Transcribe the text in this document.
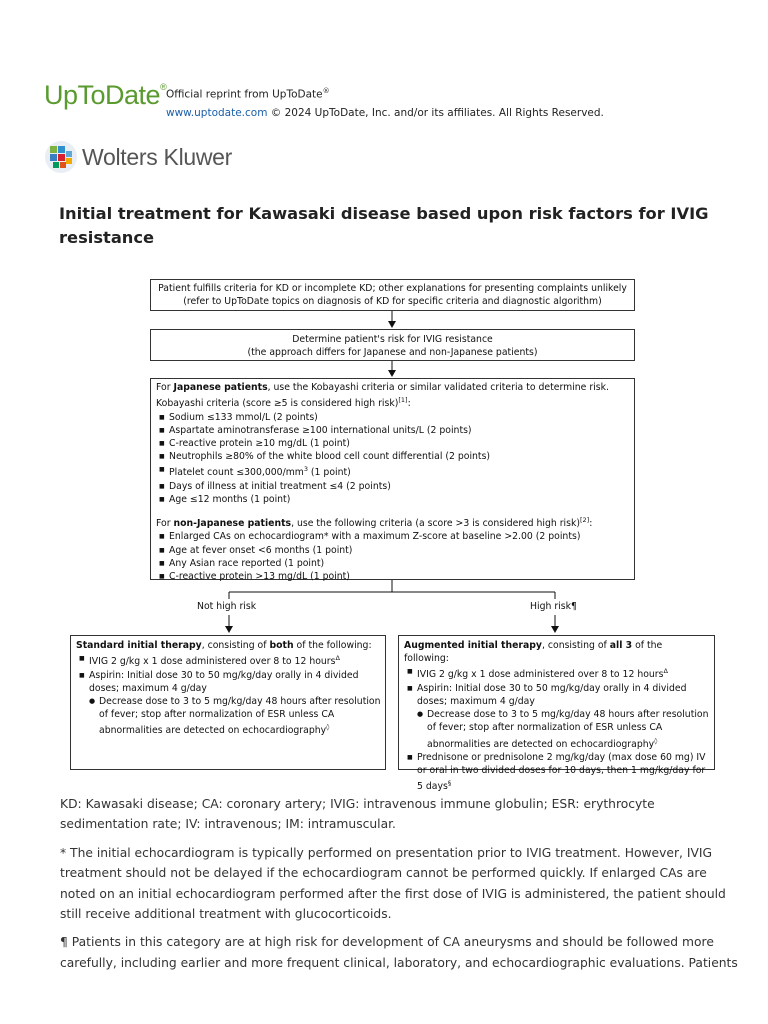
UpToDate®
Official reprint from UpToDate®
www.uptodate.com © 2024 UpToDate, Inc. and/or its affiliates. All Rights Reserved.
Wolters Kluwer
Initial treatment for Kawasaki disease based upon risk factors for IVIG resistance
Patient fulfills criteria for KD or incomplete KD; other explanations for presenting complaints unlikely
(refer to UpToDate topics on diagnosis of KD for specific criteria and diagnostic algorithm)
Determine patient's risk for IVIG resistance
(the approach differs for Japanese and non-Japanese patients)
For Japanese patients, use the Kobayashi criteria or similar validated criteria to determine risk.
Kobayashi criteria (score ≥5 is considered high risk)[1]:
■ Sodium ≤133 mmol/L (2 points)
■ Aspartate aminotransferase ≥100 international units/L (2 points)
■ C-reactive protein ≥10 mg/dL (1 point)
■ Neutrophils ≥80% of the white blood cell count differential (2 points)
■ Platelet count $\le 300,000/mm^3$ (1 point)
■ Days of illness at initial treatment ≤4 (2 points)
■ Age ≤12 months (1 point)
For non-Japanese patients, use the following criteria (a score >3 is considered high risk)[2]:
■ Enlarged CAs on echocardiogram* with a maximum Z-score at baseline >2.00 (2 points)
■ Age at fever onset <6 months (1 point)
■ Any Asian race reported (1 point)
■ C-reactive protein >13 mg/dL (1 point)
Not high risk	High risk¶
Standard initial therapy, consisting of both of the following:
■ IVIG 2 g/kg x 1 dose administered over 8 to 12 hours$^\Delta$
■ Aspirin: Initial dose 30 to 50 mg/kg/day orally in 4 divided doses; maximum 4 g/day
● Decrease dose to 3 to 5 mg/kg/day 48 hours after resolution of fever; stop after normalization of ESR unless CA abnormalities are detected on echocardiography◊
Augmented initial therapy, consisting of all 3 of the following:
■ IVIG 2 g/kg x 1 dose administered over 8 to 12 hours$^\Delta$
■ Aspirin: Initial dose 30 to 50 mg/kg/day orally in 4 divided doses; maximum 4 g/day
● Decrease dose to 3 to 5 mg/kg/day 48 hours after resolution of fever; stop after normalization of ESR unless CA abnormalities are detected on echocardiography◊
■ Prednisone or prednisolone 2 mg/kg/day (max dose 60 mg) IV or oral in two divided doses for 10 days, then 1 mg/kg/day for 5 days§

KD: Kawasaki disease; CA: coronary artery; IVIG: intravenous immune globulin; ESR: erythrocyte sedimentation rate; IV: intravenous; IM: intramuscular.

* The initial echocardiogram is typically performed on presentation prior to IVIG treatment. However, IVIG treatment should not be delayed if the echocardiogram cannot be performed quickly. If enlarged CAs are noted on an initial echocardiogram performed after the first dose of IVIG is administered, the patient should still receive additional treatment with glucocorticoids.

¶ Patients in this category are at high risk for development of CA aneurysms and should be followed more carefully, including earlier and more frequent clinical, laboratory, and echocardiographic evaluations. Patients
